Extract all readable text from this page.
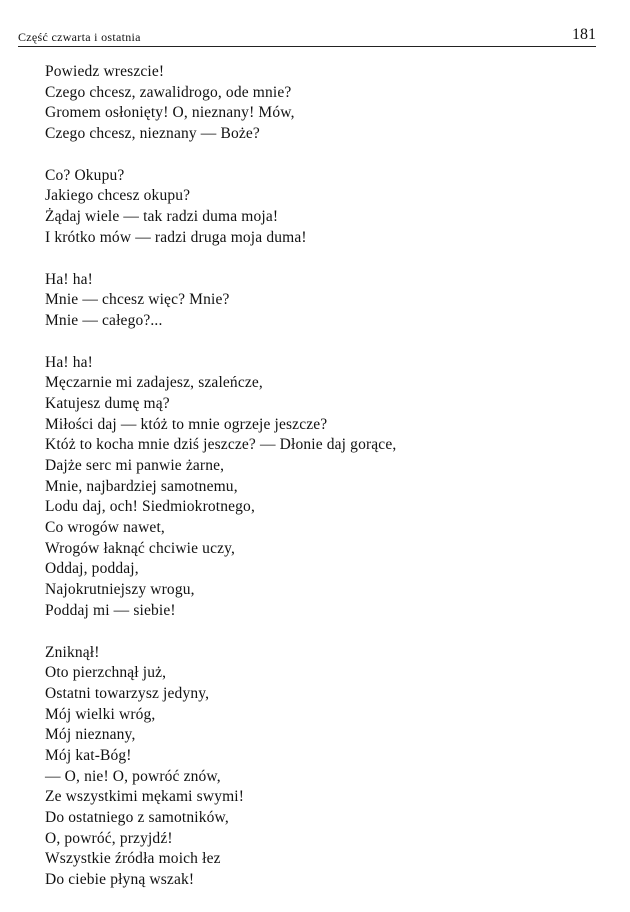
Część czwarta i ostatnia	181
Powiedz wreszcie!
Czego chcesz, zawalidrogo, ode mnie?
Gromem osłonięty! O, nieznany! Mów,
Czego chcesz, nieznany — Boże?
Co? Okupu?
Jakiego chcesz okupu?
Żądaj wiele — tak radzi duma moja!
I krótko mów — radzi druga moja duma!
Ha! ha!
Mnie — chcesz więc? Mnie?
Mnie — całego?...
Ha! ha!
Męczarnie mi zadajesz, szaleńcze,
Katujesz dumę mą?
Miłości daj — któż to mnie ogrzeje jeszcze?
Któż to kocha mnie dziś jeszcze? — Dłonie daj gorące,
Dajże serc mi panwie żarne,
Mnie, najbardziej samotnemu,
Lodu daj, och! Siedmiokrotnego,
Co wrogów nawet,
Wrogów łaknąć chciwie uczy,
Oddaj, poddaj,
Najokrutniejszy wrogu,
Poddaj mi — siebie!
Zniknął!
Oto pierzchnął już,
Ostatni towarzysz jedyny,
Mój wielki wróg,
Mój nieznany,
Mój kat-Bóg!
— O, nie! O, powróć znów,
Ze wszystkimi mękami swymi!
Do ostatniego z samotników,
O, powróć, przyjdź!
Wszystkie źródła moich łez
Do ciebie płyną wszak!
